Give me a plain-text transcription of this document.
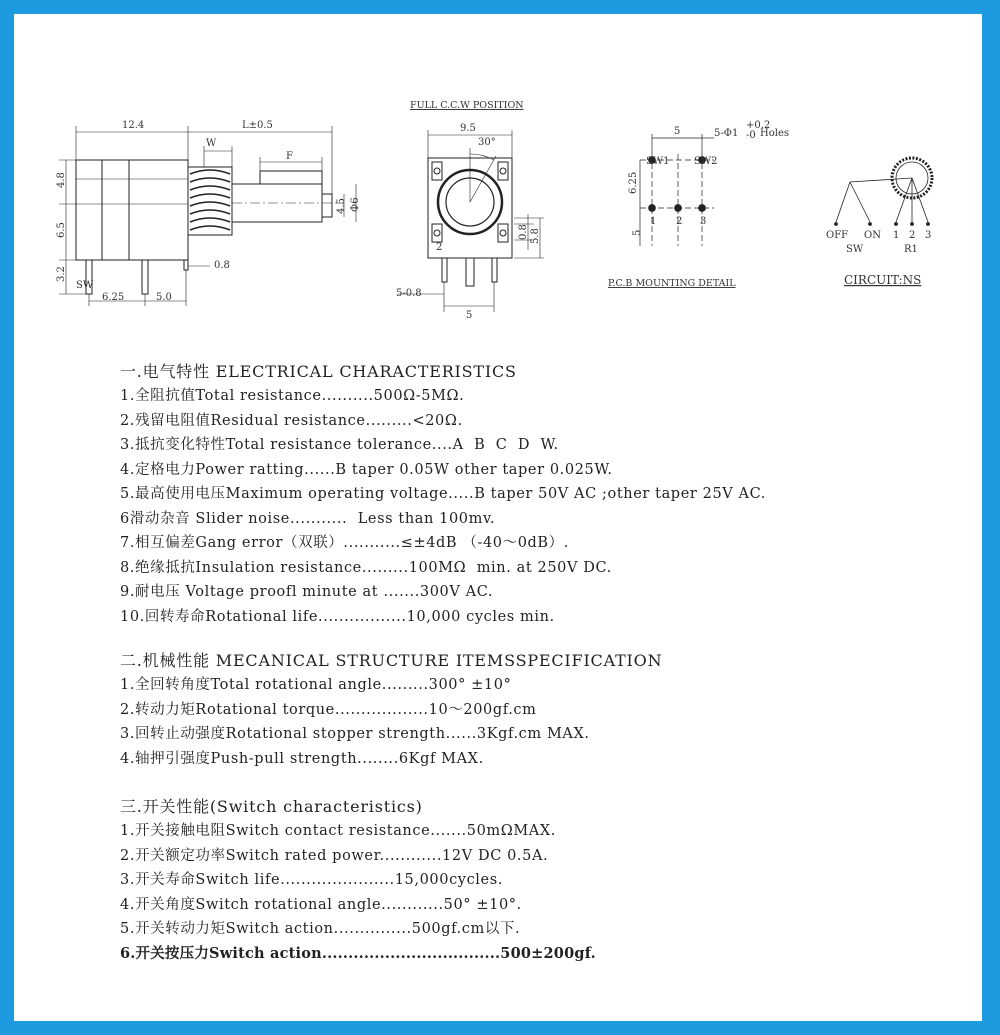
12.4	L±0.5
W
F
4.8
6.5
3.2
4.5 Φ6
0.8
6.25	5.0
SW
FULL C.C.W POSITION
9.5
30°
0.8 5.8
2
5-0.8
5
5	5-Φ1
+0.2
-0 Holes
6.25
5
SW1 SW2
1 2 3
P.C.B MOUNTING DETAIL
OFF ON
SW
1 2 3
R1
CIRCUIT:NS
一.电气特性 ELECTRICAL CHARACTERISTICS
1.全阻抗值Total resistance..........500Ω-5MΩ.
2.残留电阻值Residual resistance.........<20Ω.
3.抵抗变化特性Total resistance tolerance....A  B  C  D  W.
4.定格电力Power ratting......B taper 0.05W other taper 0.025W.
5.最高使用电压Maximum operating voltage.....B taper 50V AC ;other taper 25V AC.
6滑动杂音 Slider noise...........  Less than 100mv.
7.相互偏差Gang error（双联）...........≤±4dB （-40～0dB）.
8.绝缘抵抗Insulation resistance.........100MΩ  min. at 250V DC.
9.耐电压 Voltage proofl minute at .......300V AC.
10.回转寿命Rotational life.................10,000 cycles min.
二.机械性能 MECANICAL STRUCTURE ITEMSSPECIFICATION
1.全回转角度Total rotational angle.........300° ±10°
2.转动力矩Rotational torque..................10～200gf.cm
3.回转止动强度Rotational stopper strength......3Kgf.cm MAX.
4.轴押引强度Push-pull strength........6Kgf MAX.
三.开关性能(Switch characteristics)
1.开关接触电阻Switch contact resistance.......50mΩMAX.
2.开关额定功率Switch rated power............12V DC 0.5A.
3.开关寿命Switch life......................15,000cycles.
4.开关角度Switch rotational angle............50° ±10°.
5.开关转动力矩Switch action...............500gf.cm以下.
6.开关按压力Switch action..................................500±200gf.
